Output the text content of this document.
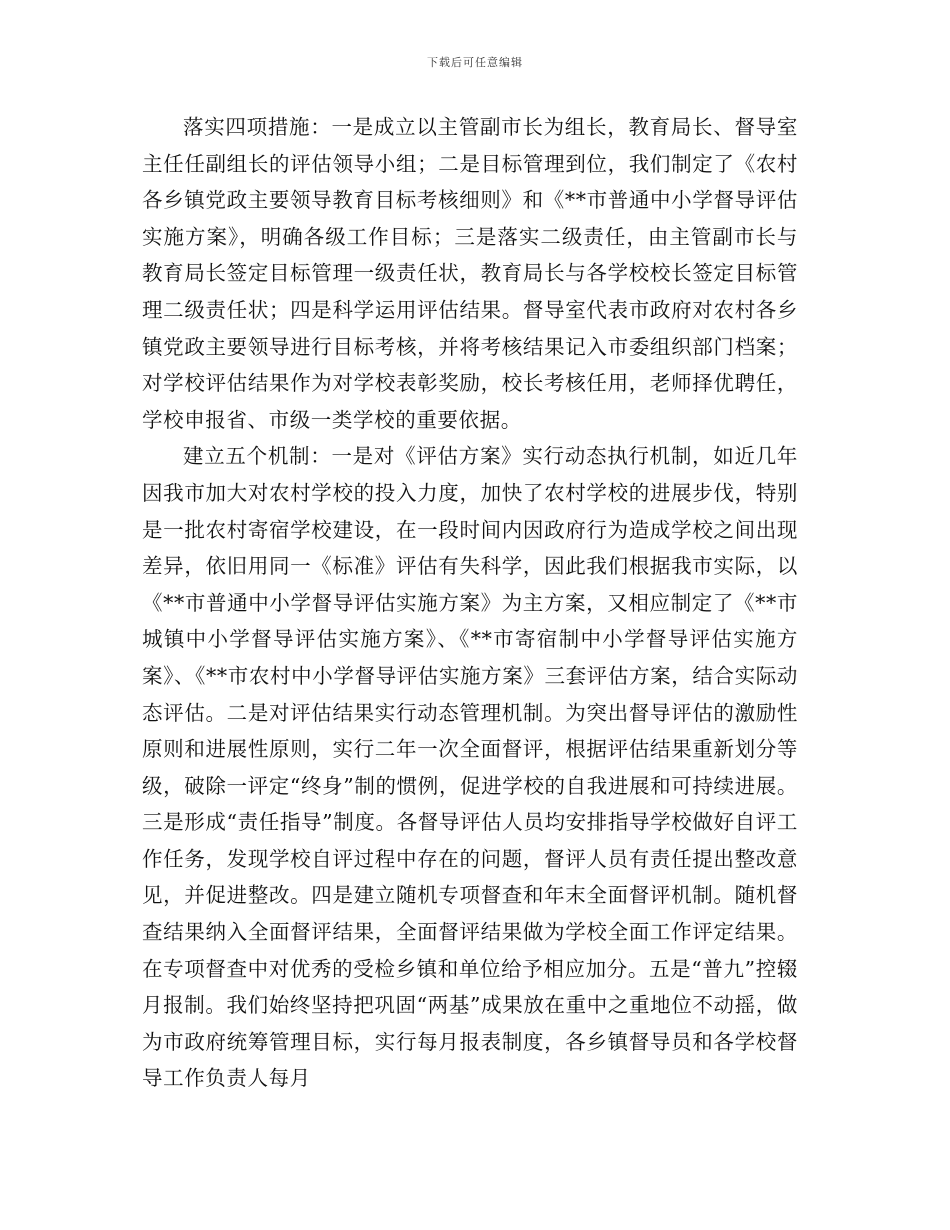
下载后可任意编辑

落实四项措施：一是成立以主管副市长为组长，教育局长、督导室主任任副组长的评估领导小组；二是目标管理到位，我们制定了《农村各乡镇党政主要领导教育目标考核细则》和《**市普通中小学督导评估实施方案》，明确各级工作目标；三是落实二级责任，由主管副市长与教育局长签定目标管理一级责任状，教育局长与各学校校长签定目标管理二级责任状；四是科学运用评估结果。督导室代表市政府对农村各乡镇党政主要领导进行目标考核，并将考核结果记入市委组织部门档案；对学校评估结果作为对学校表彰奖励，校长考核任用，老师择优聘任，学校申报省、市级一类学校的重要依据。

建立五个机制：一是对《评估方案》实行动态执行机制，如近几年因我市加大对农村学校的投入力度，加快了农村学校的进展步伐，特别是一批农村寄宿学校建设，在一段时间内因政府行为造成学校之间出现差异，依旧用同一《标准》评估有失科学，因此我们根据我市实际，以《**市普通中小学督导评估实施方案》为主方案，又相应制定了《**市城镇中小学督导评估实施方案》、《**市寄宿制中小学督导评估实施方案》、《**市农村中小学督导评估实施方案》三套评估方案，结合实际动态评估。二是对评估结果实行动态管理机制。为突出督导评估的激励性原则和进展性原则，实行二年一次全面督评，根据评估结果重新划分等级，破除一评定“终身”制的惯例，促进学校的自我进展和可持续进展。三是形成“责任指导”制度。各督导评估人员均安排指导学校做好自评工作任务，发现学校自评过程中存在的问题，督评人员有责任提出整改意见，并促进整改。四是建立随机专项督查和年末全面督评机制。随机督查结果纳入全面督评结果，全面督评结果做为学校全面工作评定结果。在专项督查中对优秀的受检乡镇和单位给予相应加分。五是“普九”控辍月报制。我们始终坚持把巩固“两基”成果放在重中之重地位不动摇，做为市政府统筹管理目标，实行每月报表制度，各乡镇督导员和各学校督导工作负责人每月
